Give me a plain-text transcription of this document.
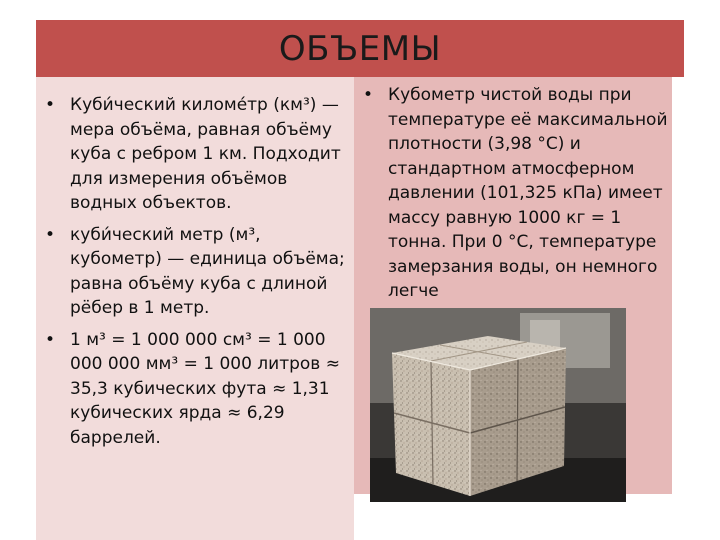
ОБЪЕМЫ
• Куби́ческий киломе́тр (км³) — мера объёма, равная объёму куба с ребром 1 км. Подходит для измерения объёмов водных объектов.
• куби́ческий метр (м³, кубометр) — единица объёма; равна объёму куба с длиной рёбер в 1 метр.
• 1 м³ = 1 000 000 см³ = 1 000 000 000 мм³ = 1 000 литров ≈ 35,3 кубических фута ≈ 1,31 кубических ярда ≈ 6,29 баррелей.
• Кубометр чистой воды при температуре её максимальной плотности (3,98 °С) и стандартном атмосферном давлении (101,325 кПа) имеет массу равную 1000 кг = 1 тонна. При 0 °С, температуре замерзания воды, он немного легче
